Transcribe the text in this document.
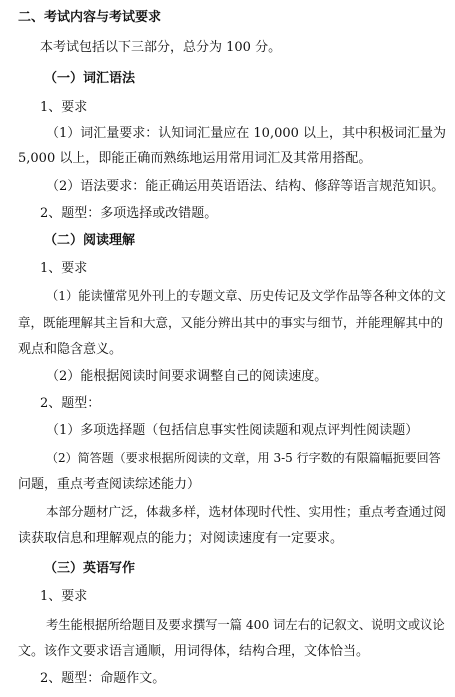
二、考试内容与考试要求
本考试包括以下三部分，总分为 100 分。
（一）词汇语法
1、要求
（1）词汇量要求：认知词汇量应在 10,000 以上，其中积极词汇量为
5,000 以上，即能正确而熟练地运用常用词汇及其常用搭配。
（2）语法要求：能正确运用英语语法、结构、修辞等语言规范知识。
2、题型：多项选择或改错题。
（二）阅读理解
1、要求
（1）能读懂常见外刊上的专题文章、历史传记及文学作品等各种文体的文
章，既能理解其主旨和大意，又能分辨出其中的事实与细节，并能理解其中的
观点和隐含意义。
（2）能根据阅读时间要求调整自己的阅读速度。
2、题型：
（1）多项选择题（包括信息事实性阅读题和观点评判性阅读题）
（2）简答题（要求根据所阅读的文章，用 3-5 行字数的有限篇幅扼要回答
问题，重点考查阅读综述能力）
本部分题材广泛，体裁多样，选材体现时代性、实用性；重点考查通过阅
读获取信息和理解观点的能力；对阅读速度有一定要求。
（三）英语写作
1、要求
考生能根据所给题目及要求撰写一篇 400 词左右的记叙文、说明文或议论
文。该作文要求语言通顺，用词得体，结构合理，文体恰当。
2、题型：命题作文。
